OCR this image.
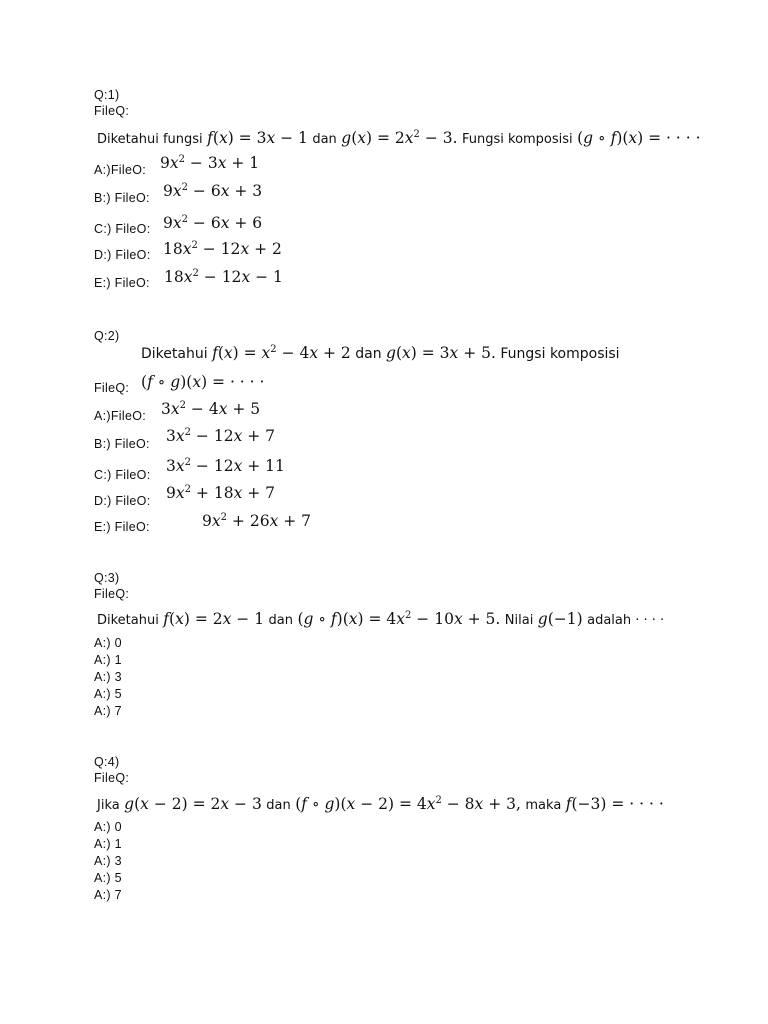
Q:1)
FileQ:
Diketahui fungsi f(x) = 3x − 1 dan $g(x) = 2x^2 - 3$. Fungsi komposisi (g ∘ f)(x) = · · · ·
A:)FileO: $9x^2 - 3x + 1$
B:) FileO: $9x^2 - 6x + 3$
C:) FileO: $9x^2 - 6x + 6$
D:) FileO: $18x^2 - 12x + 2$
E:) FileO: $18x^2 - 12x - 1$
Q:2)
Diketahui $f(x) = x^2 - 4x + 2$ dan g(x) = 3x + 5. Fungsi komposisi
FileQ: (f ∘ g)(x) = · · · ·
A:)FileO: $3x^2 - 4x + 5$
B:) FileO: $3x^2 - 12x + 7$
C:) FileO: $3x^2 - 12x + 11$
D:) FileO: $9x^2 + 18x + 7$
E:) FileO:	$9x^2 + 26x + 7$
Q:3)
FileQ:
Diketahui f(x) = 2x − 1 dan (g ∘ $f)(x) = 4x^2 - 10x + 5$. Nilai g(−1) adalah · · · ·
A:) 0
A:) 1
A:) 3
A:) 5
A:) 7
Q:4)
FileQ:
Jika g(x − 2) = 2x − 3 dan (f ∘ $g)(x - 2) = 4x^2 - 8x + 3$, maka f(−3) = · · · ·
A:) 0
A:) 1
A:) 3
A:) 5
A:) 7
